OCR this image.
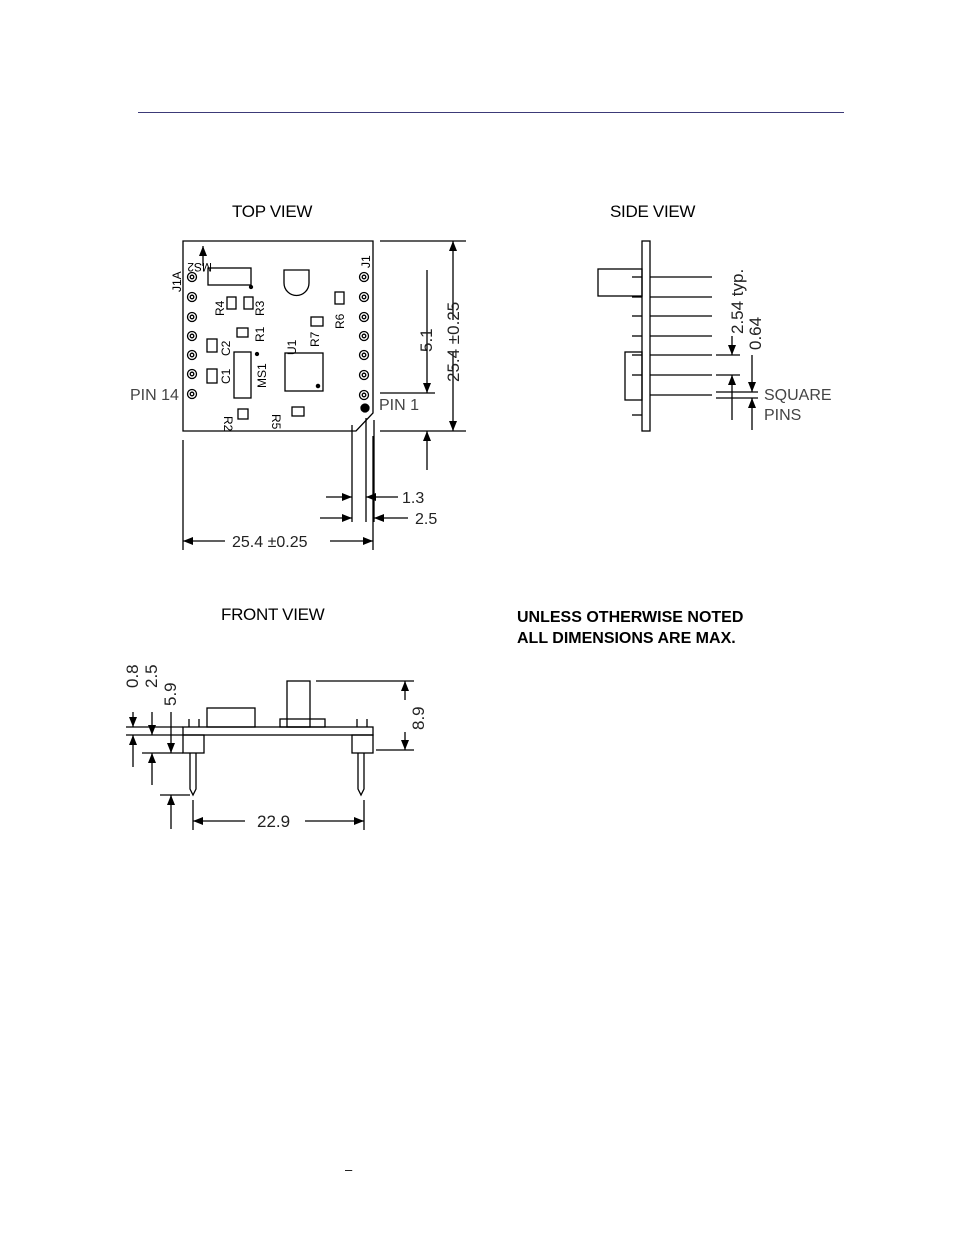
TOP VIEW	SIDE VIEW
FRONT VIEW	UNLESS OTHERWISE NOTED
ALL DIMENSIONS ARE MAX.
–
MS2
J1A
J1
R4 R3
R1
R6
R7
U1
C2
C1 MS1
R2	R5
PIN 14
PIN 1
25.4 ±0.25
5.1
25.4 ±0.25
1.3
2.5
2.54 typ. 0.64
SQUARE
PINS
0.8 2.5
5.9
8.9
22.9
